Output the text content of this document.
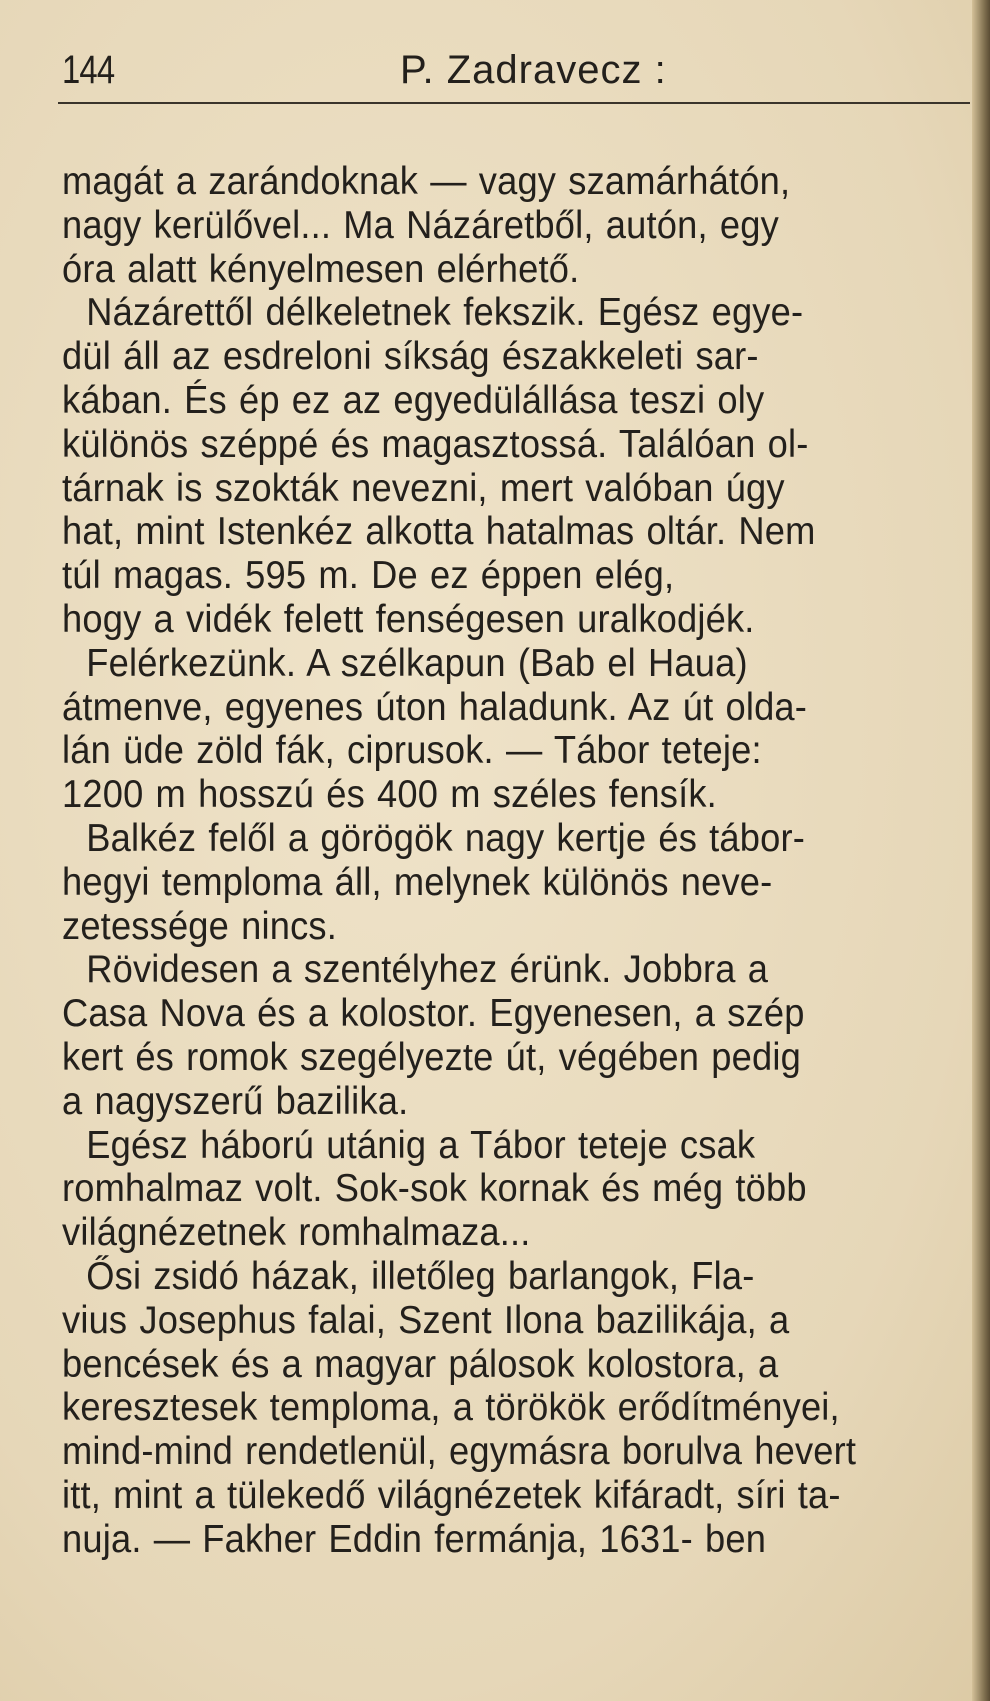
144	P. Zadravecz :
magát a zarándoknak — vagy szamárhátón,
nagy kerülővel... Ma Názáretből, autón, egy
óra alatt kényelmesen elérhető.
Názárettől délkeletnek fekszik. Egész egye-
dül áll az esdreloni síkság északkeleti sar-
kában. És ép ez az egyedülállása teszi oly
különös széppé és magasztossá. Találóan ol-
tárnak is szokták nevezni, mert valóban úgy
hat, mint Istenkéz alkotta hatalmas oltár. Nem
túl magas. 595 m. De ez éppen elég,
hogy a vidék felett fenségesen uralkodjék.
Felérkezünk. A szélkapun (Bab el Haua)
átmenve, egyenes úton haladunk. Az út olda-
lán üde zöld fák, ciprusok. — Tábor teteje:
1200 m hosszú és 400 m széles fensík.
Balkéz felől a görögök nagy kertje és tábor-
hegyi temploma áll, melynek különös neve-
zetessége nincs.
Rövidesen a szentélyhez érünk. Jobbra a
Casa Nova és a kolostor. Egyenesen, a szép
kert és romok szegélyezte út, végében pedig
a nagyszerű bazilika.
Egész háború utánig a Tábor teteje csak
romhalmaz volt. Sok-sok kornak és még több
világnézetnek romhalmaza...
Ősi zsidó házak, illetőleg barlangok, Fla-
vius Josephus falai, Szent Ilona bazilikája, a
bencések és a magyar pálosok kolostora, a
keresztesek temploma, a törökök erődítményei,
mind-mind rendetlenül, egymásra borulva hevert
itt, mint a tülekedő világnézetek kifáradt, síri ta-
nuja. — Fakher Eddin fermánja, 1631- ben
